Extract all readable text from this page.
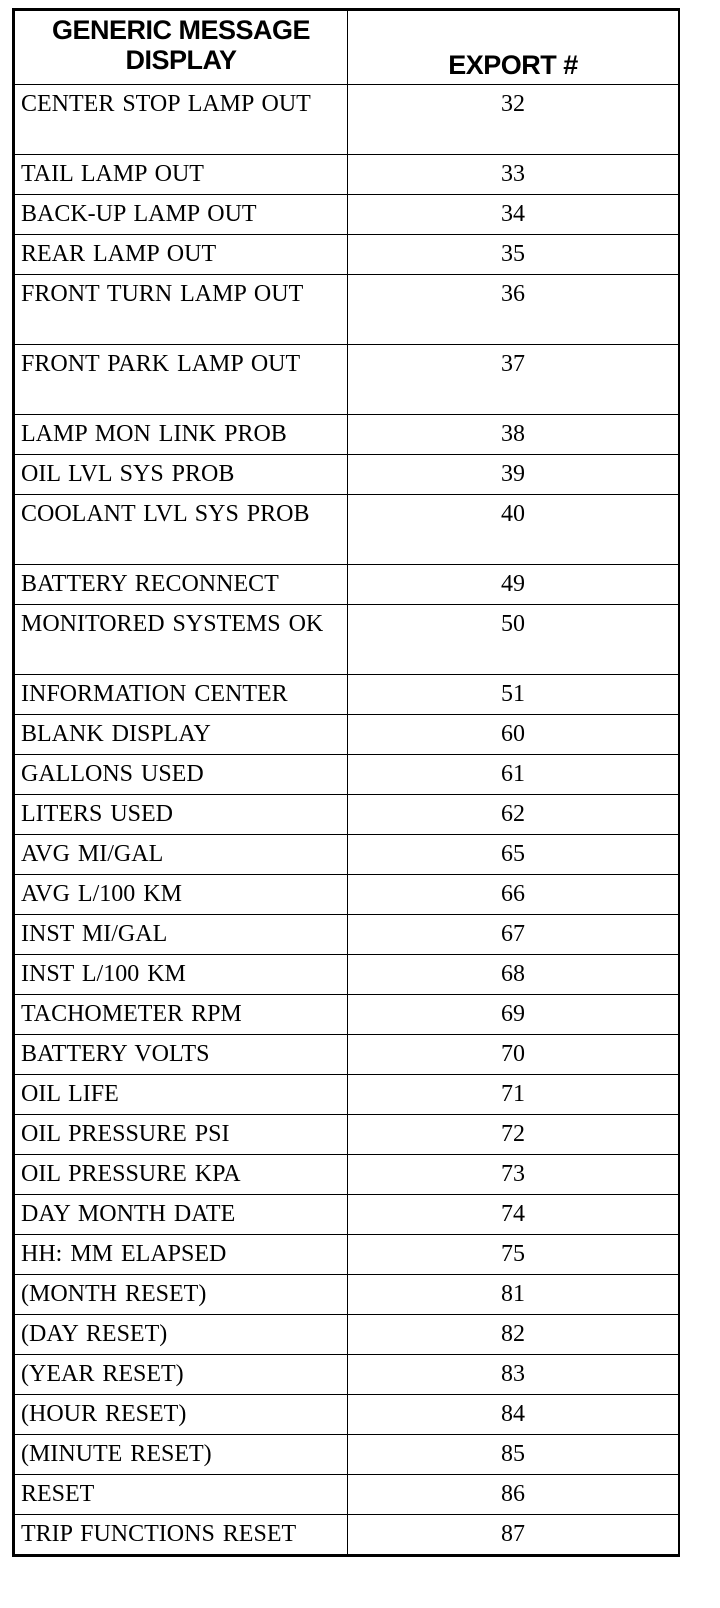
GENERIC MESSAGE DISPLAY	EXPORT #
CENTER STOP LAMP OUT	32
TAIL LAMP OUT	33
BACK-UP LAMP OUT	34
REAR LAMP OUT	35
FRONT TURN LAMP OUT	36
FRONT PARK LAMP OUT	37
LAMP MON LINK PROB	38
OIL LVL SYS PROB	39
COOLANT LVL SYS PROB	40
BATTERY RECONNECT	49
MONITORED SYSTEMS OK	50
INFORMATION CENTER	51
BLANK DISPLAY	60
GALLONS USED	61
LITERS USED	62
AVG MI/GAL	65
AVG L/100 KM	66
INST MI/GAL	67
INST L/100 KM	68
TACHOMETER RPM	69
BATTERY VOLTS	70
OIL LIFE	71
OIL PRESSURE PSI	72
OIL PRESSURE KPA	73
DAY MONTH DATE	74
HH: MM ELAPSED	75
(MONTH RESET)	81
(DAY RESET)	82
(YEAR RESET)	83
(HOUR RESET)	84
(MINUTE RESET)	85
RESET	86
TRIP FUNCTIONS RESET	87
